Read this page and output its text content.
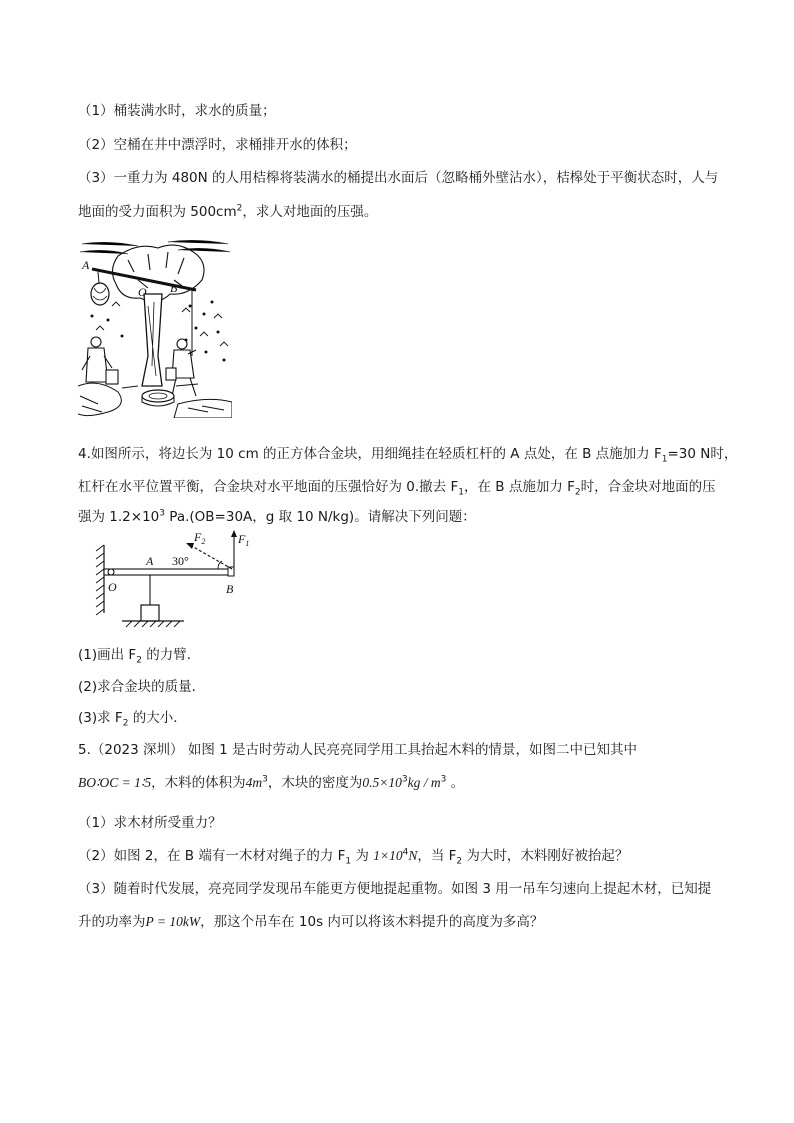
（1）桶装满水时，求水的质量；
（2）空桶在井中漂浮时，求桶排开水的体积；
（3）一重力为 480N 的人用桔槔将装满水的桶提出水面后（忽略桶外壁沾水），桔槔处于平衡状态时，人与
地面的受力面积为 $500cm^2$，求人对地面的压强。
A
O B
4.如图所示，将边长为 10 cm 的正方体合金块，用细绳挂在轻质杠杆的 A 点处，在 B 点施加力 $F_1=30$ N时，
杠杆在水平位置平衡，合金块对水平地面的压强恰好为 0.撤去 $F_1$，在 B 点施加力 $F_2$时，合金块对地面的压
强为 $1.2\times 10^3$ Pa.(OB=30A，g 取 10 N/kg)。请解决下列问题：
$F_2$	$F_1$
30°
A
O	B
(1)画出 $F_2$ 的力臂．
(2)求合金块的质量．
(3)求 $F_2$ 的大小．
5.（2023 深圳） 如图 1 是古时劳动人民亮亮同学用工具抬起木料的情景，如图二中已知其中
BO∶OC = 1∶5，木料的体积为$4m^3$，木块的密度为$0.5\times 10^3kg / m^3$ 。
（1）求木材所受重力？
（2）如图 2，在 B 端有一木材对绳子的力 $F_1$ 为 $1\times 10^4N$，当 $F_2$ 为大时，木料刚好被抬起？
（3）随着时代发展，亮亮同学发现吊车能更方便地提起重物。如图 3 用一吊车匀速向上提起木材，已知提
升的功率为P = 10kW，那这个吊车在 10s 内可以将该木料提升的高度为多高？
